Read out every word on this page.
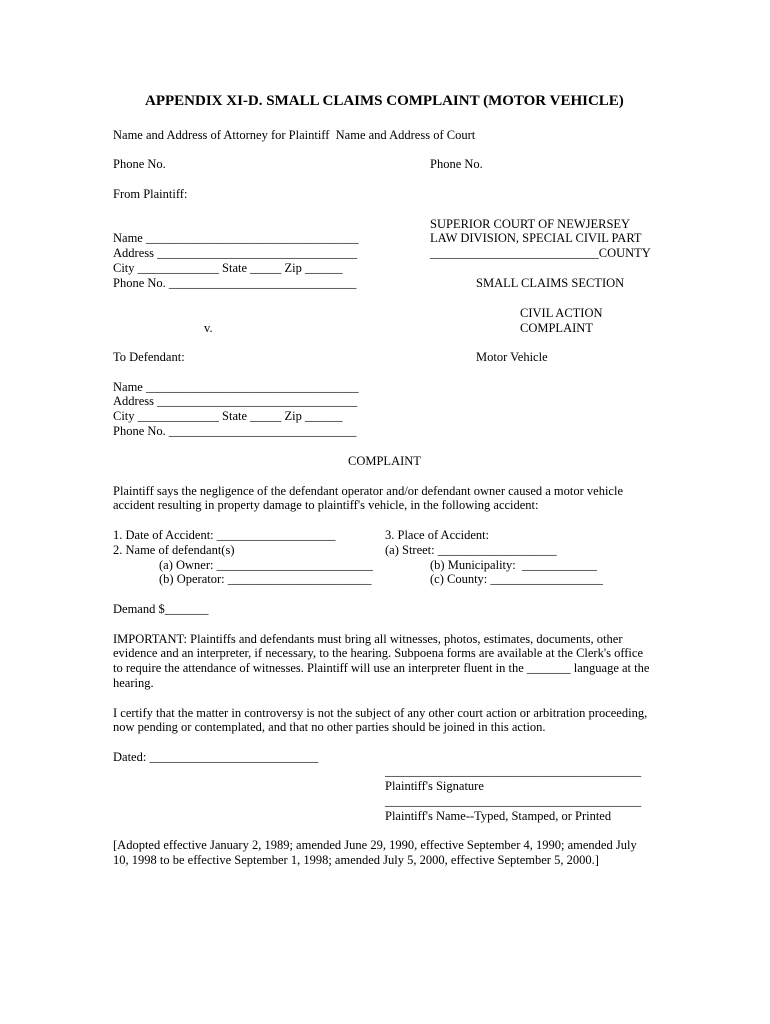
APPENDIX XI-D. SMALL CLAIMS COMPLAINT (MOTOR VEHICLE)
Name and Address of Attorney for Plaintiff  Name and Address of Court
Phone No.	Phone No.
From Plaintiff:
SUPERIOR COURT OF NEWJERSEY
LAW DIVISION, SPECIAL CIVIL PART
___________________________COUNTY
Name __________________________________
Address ________________________________
City _____________ State _____ Zip ______
Phone No. ______________________________	SMALL CLAIMS SECTION
CIVIL ACTION
v.	COMPLAINT
To Defendant:	Motor Vehicle
Name __________________________________
Address ________________________________
City _____________ State _____ Zip ______
Phone No. ______________________________
COMPLAINT
Plaintiff says the negligence of the defendant operator and/or defendant owner caused a motor vehicle
accident resulting in property damage to plaintiff's vehicle, in the following accident:
1. Date of Accident: ___________________	3. Place of Accident:
2. Name of defendant(s)	(a) Street: ___________________
(a) Owner: _________________________	(b) Municipality:  ____________
(b) Operator: _______________________	(c) County: __________________
Demand $_______
IMPORTANT: Plaintiffs and defendants must bring all witnesses, photos, estimates, documents, other
evidence and an interpreter, if necessary, to the hearing. Subpoena forms are available at the Clerk's office
to require the attendance of witnesses. Plaintiff will use an interpreter fluent in the _______ language at the
hearing.
I certify that the matter in controversy is not the subject of any other court action or arbitration proceeding,
now pending or contemplated, and that no other parties should be joined in this action.
Dated: ___________________________
_________________________________________
Plaintiff's Signature
_________________________________________
Plaintiff's Name--Typed, Stamped, or Printed
[Adopted effective January 2, 1989; amended June 29, 1990, effective September 4, 1990; amended July
10, 1998 to be effective September 1, 1998; amended July 5, 2000, effective September 5, 2000.]
